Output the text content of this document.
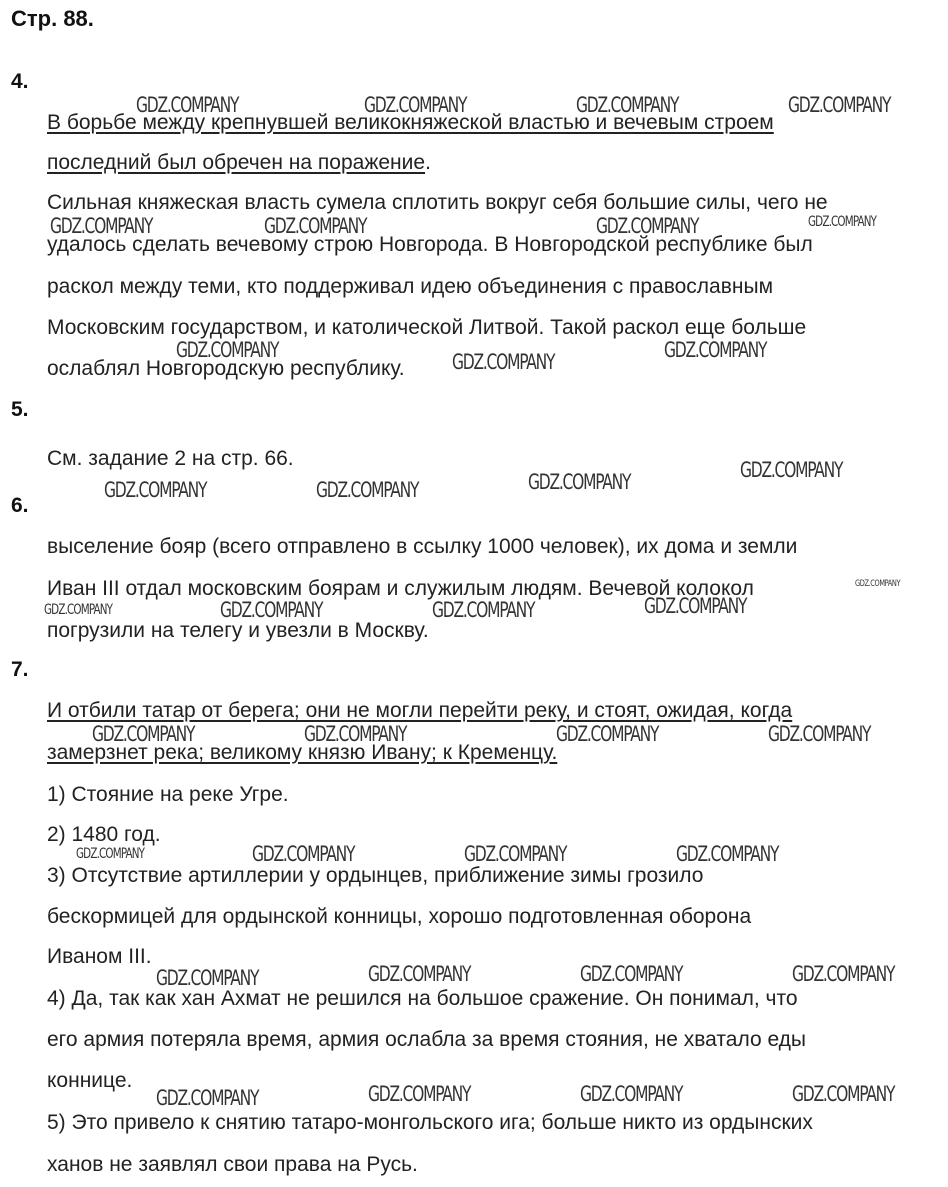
Стр. 88.
4.
В борьбе между крепнувшей великокняжеской властью и вечевым строем
последний был обречен на поражение.
Сильная княжеская власть сумела сплотить вокруг себя большие силы, чего не
удалось сделать вечевому строю Новгорода. В Новгородской республике был
раскол между теми, кто поддерживал идею объединения с православным
Московским государством, и католической Литвой. Такой раскол еще больше
ослаблял Новгородскую республику.
5.
См. задание 2 на стр. 66.
6.
выселение бояр (всего отправлено в ссылку 1000 человек), их дома и земли
Иван III отдал московским боярам и служилым людям. Вечевой колокол
погрузили на телегу и увезли в Москву.
7.
И отбили татар от берега; они не могли перейти реку, и стоят, ожидая, когда
замерзнет река; великому князю Ивану; к Кременцу.
1) Стояние на реке Угре.
2) 1480 год.
3) Отсутствие артиллерии у ордынцев, приближение зимы грозило
бескормицей для ордынской конницы, хорошо подготовленная оборона
Иваном III.
4) Да, так как хан Ахмат не решился на большое сражение. Он понимал, что
его армия потеряла время, армия ослабла за время стояния, не хватало еды
коннице.
5) Это привело к снятию татаро-монгольского ига; больше никто из ордынских
ханов не заявлял свои права на Русь.
GDZ.COMPANY	GDZ.COMPANY	GDZ.COMPANY	GDZ.COMPANY
GDZ.COMPANY	GDZ.COMPANY	GDZ.COMPANY	GDZ.COMPANY
GDZ.COMPANY	GDZ.COMPANY	GDZ.COMPANY
GDZ.COMPANY
GDZ.COMPANY
GDZ.COMPANY	GDZ.COMPANY
GDZ.COMPANY
GDZ.COMPANY	GDZ.COMPANY	GDZ.COMPANY	GDZ.COMPANY
GDZ.COMPANY	GDZ.COMPANY	GDZ.COMPANY	GDZ.COMPANY
GDZ.COMPANY	GDZ.COMPANY	GDZ.COMPANY	GDZ.COMPANY
GDZ.COMPANY	GDZ.COMPANY	GDZ.COMPANY	GDZ.COMPANY
GDZ.COMPANY	GDZ.COMPANY	GDZ.COMPANY	GDZ.COMPANY
